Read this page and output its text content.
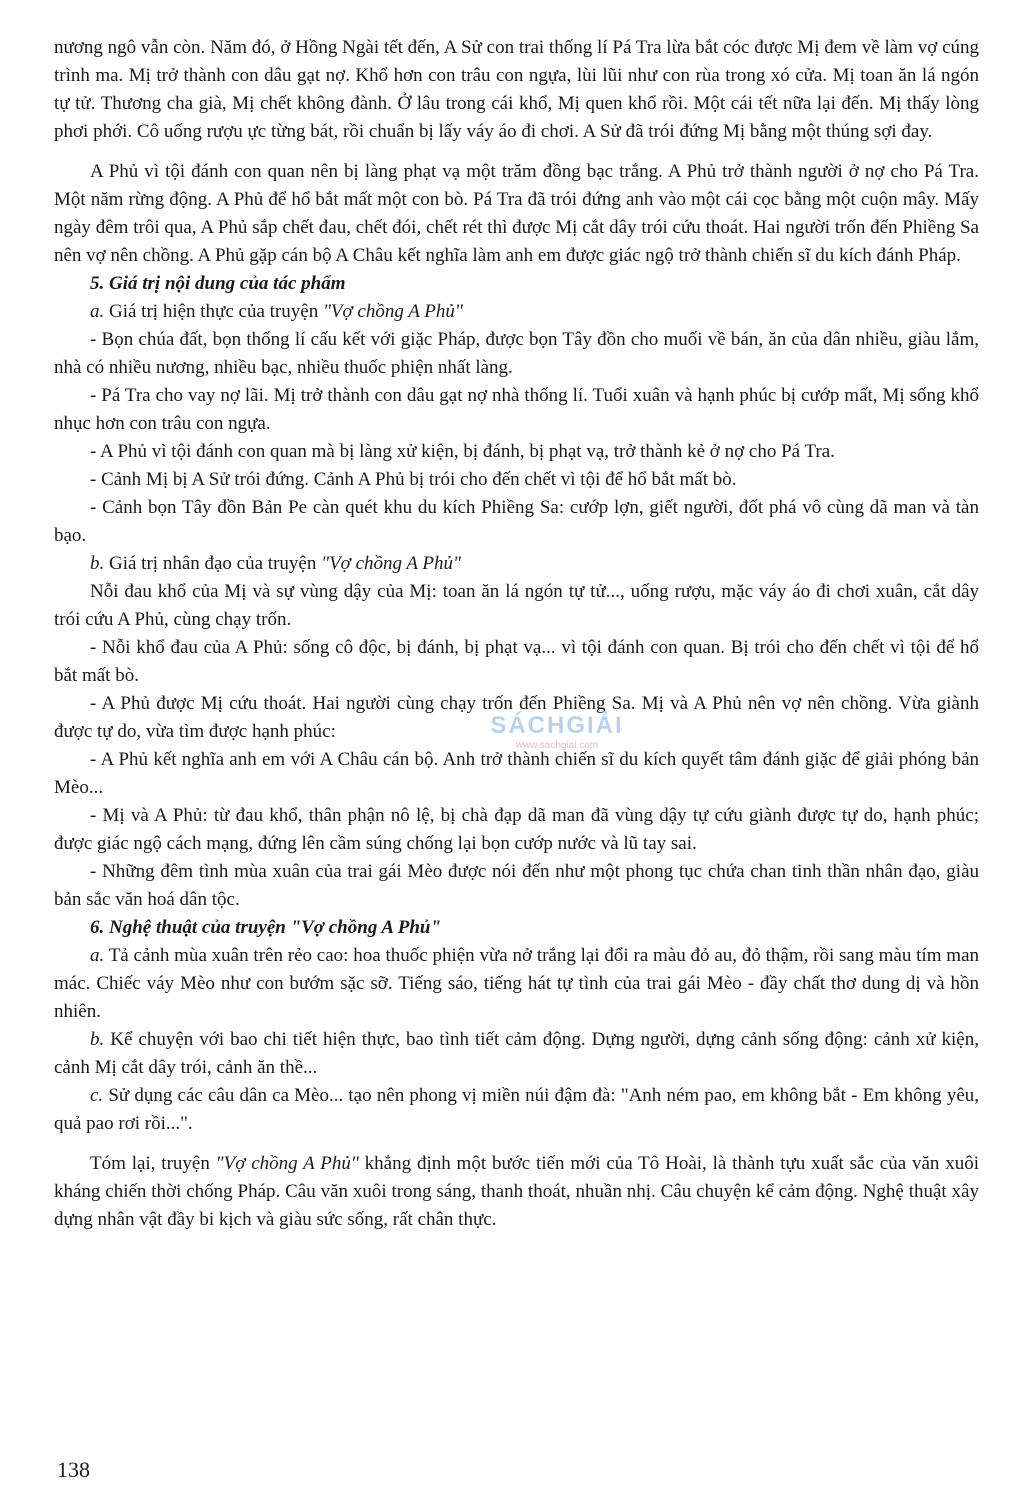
nương ngô vẫn còn. Năm đó, ở Hồng Ngài tết đến, A Sử con trai thống lí Pá Tra lừa bắt cóc được Mị đem về làm vợ cúng trình ma. Mị trở thành con dâu gạt nợ. Khổ hơn con trâu con ngựa, lùi lũi như con rùa trong xó cửa. Mị toan ăn lá ngón tự tử. Thương cha già, Mị chết không đành. Ở lâu trong cái khổ, Mị quen khổ rồi. Một cái tết nữa lại đến. Mị thấy lòng phơi phới. Cô uống rượu ực từng bát, rồi chuẩn bị lấy váy áo đi chơi. A Sử đã trói đứng Mị bằng một thúng sợi đay.

A Phủ vì tội đánh con quan nên bị làng phạt vạ một trăm đồng bạc trắng. A Phủ trở thành người ở nợ cho Pá Tra. Một năm rừng động. A Phủ để hổ bắt mất một con bò. Pá Tra đã trói đứng anh vào một cái cọc bằng một cuộn mây. Mấy ngày đêm trôi qua, A Phủ sắp chết đau, chết đói, chết rét thì được Mị cắt dây trói cứu thoát. Hai người trốn đến Phiềng Sa nên vợ nên chồng. A Phủ gặp cán bộ A Châu kết nghĩa làm anh em được giác ngộ trở thành chiến sĩ du kích đánh Pháp.

5. Giá trị nội dung của tác phẩm

a. Giá trị hiện thực của truyện "Vợ chồng A Phủ"

- Bọn chúa đất, bọn thống lí cấu kết với giặc Pháp, được bọn Tây đồn cho muối về bán, ăn của dân nhiều, giàu lắm, nhà có nhiều nương, nhiều bạc, nhiều thuốc phiện nhất làng.

- Pá Tra cho vay nợ lãi. Mị trở thành con dâu gạt nợ nhà thống lí. Tuổi xuân và hạnh phúc bị cướp mất, Mị sống khổ nhục hơn con trâu con ngựa.

- A Phủ vì tội đánh con quan mà bị làng xử kiện, bị đánh, bị phạt vạ, trở thành kẻ ở nợ cho Pá Tra.

- Cảnh Mị bị A Sử trói đứng. Cảnh A Phủ bị trói cho đến chết vì tội để hổ bắt mất bò.

- Cảnh bọn Tây đồn Bản Pe càn quét khu du kích Phiềng Sa: cướp lợn, giết người, đốt phá vô cùng dã man và tàn bạo.

b. Giá trị nhân đạo của truyện "Vợ chồng A Phủ"

Nỗi đau khổ của Mị và sự vùng dậy của Mị: toan ăn lá ngón tự tử..., uống rượu, mặc váy áo đi chơi xuân, cắt dây trói cứu A Phủ, cùng chạy trốn.

- Nỗi khổ đau của A Phủ: sống cô độc, bị đánh, bị phạt vạ... vì tội đánh con quan. Bị trói cho đến chết vì tội để hổ bắt mất bò.

- A Phủ được Mị cứu thoát. Hai người cùng chạy trốn đến Phiềng Sa. Mị và A Phủ nên vợ nên chồng. Vừa giành được tự do, vừa tìm được hạnh phúc:

- A Phủ kết nghĩa anh em với A Châu cán bộ. Anh trở thành chiến sĩ du kích quyết tâm đánh giặc để giải phóng bản Mèo...

- Mị và A Phủ: từ đau khổ, thân phận nô lệ, bị chà đạp dã man đã vùng dậy tự cứu giành được tự do, hạnh phúc; được giác ngộ cách mạng, đứng lên cầm súng chống lại bọn cướp nước và lũ tay sai.

- Những đêm tình mùa xuân của trai gái Mèo được nói đến như một phong tục chứa chan tinh thần nhân đạo, giàu bản sắc văn hoá dân tộc.

6. Nghệ thuật của truyện "Vợ chồng A Phủ"

a. Tả cảnh mùa xuân trên rẻo cao: hoa thuốc phiện vừa nở trắng lại đổi ra màu đỏ au, đỏ thậm, rồi sang màu tím man mác. Chiếc váy Mèo như con bướm sặc sỡ. Tiếng sáo, tiếng hát tự tình của trai gái Mèo - đầy chất thơ dung dị và hồn nhiên.

b. Kể chuyện với bao chi tiết hiện thực, bao tình tiết cảm động. Dựng người, dựng cảnh sống động: cảnh xử kiện, cảnh Mị cắt dây trói, cảnh ăn thề...

c. Sử dụng các câu dân ca Mèo... tạo nên phong vị miền núi đậm đà: "Anh ném pao, em không bắt - Em không yêu, quả pao rơi rồi...".

Tóm lại, truyện "Vợ chồng A Phủ" khẳng định một bước tiến mới của Tô Hoài, là thành tựu xuất sắc của văn xuôi kháng chiến thời chống Pháp. Câu văn xuôi trong sáng, thanh thoát, nhuần nhị. Câu chuyện kể cảm động. Nghệ thuật xây dựng nhân vật đầy bi kịch và giàu sức sống, rất chân thực.

SÁCHGIẢI
www.sachgiai.com
138
